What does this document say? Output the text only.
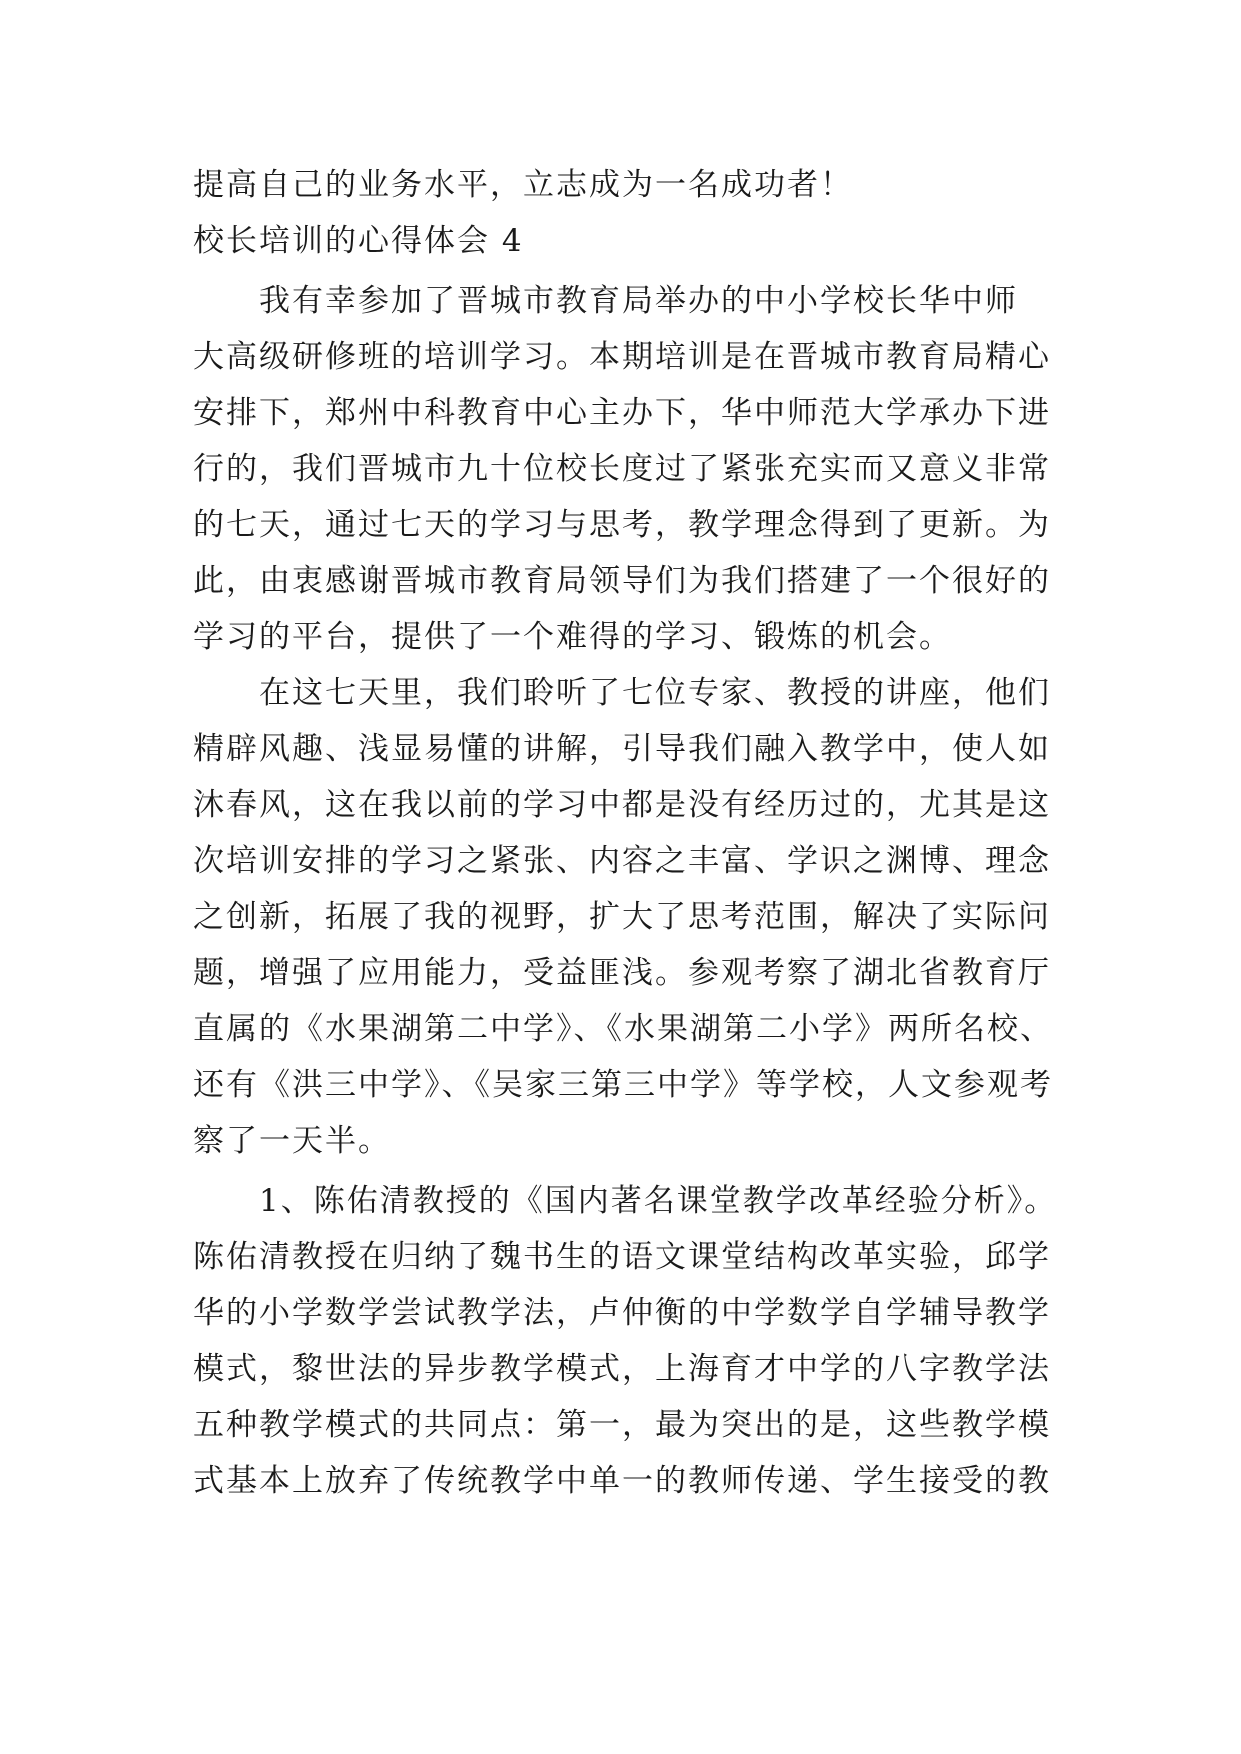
提高自己的业务水平，立志成为一名成功者！
校长培训的心得体会 4
　　我有幸参加了晋城市教育局举办的中小学校长华中师
大高级研修班的培训学习。本期培训是在晋城市教育局精心
安排下，郑州中科教育中心主办下，华中师范大学承办下进
行的，我们晋城市九十位校长度过了紧张充实而又意义非常
的七天，通过七天的学习与思考，教学理念得到了更新。为
此，由衷感谢晋城市教育局领导们为我们搭建了一个很好的
学习的平台，提供了一个难得的学习、锻炼的机会。
　　在这七天里，我们聆听了七位专家、教授的讲座，他们
精辟风趣、浅显易懂的讲解，引导我们融入教学中，使人如
沐春风，这在我以前的学习中都是没有经历过的，尤其是这
次培训安排的学习之紧张、内容之丰富、学识之渊博、理念
之创新，拓展了我的视野，扩大了思考范围，解决了实际问
题，增强了应用能力，受益匪浅。参观考察了湖北省教育厅
直属的《水果湖第二中学》、《水果湖第二小学》两所名校、
还有《洪三中学》、《吴家三第三中学》等学校，人文参观考
察了一天半。
　　1、陈佑清教授的《国内著名课堂教学改革经验分析》。
陈佑清教授在归纳了魏书生的语文课堂结构改革实验，邱学
华的小学数学尝试教学法，卢仲衡的中学数学自学辅导教学
模式，黎世法的异步教学模式，上海育才中学的八字教学法
五种教学模式的共同点：第一，最为突出的是，这些教学模
式基本上放弃了传统教学中单一的教师传递、学生接受的教
